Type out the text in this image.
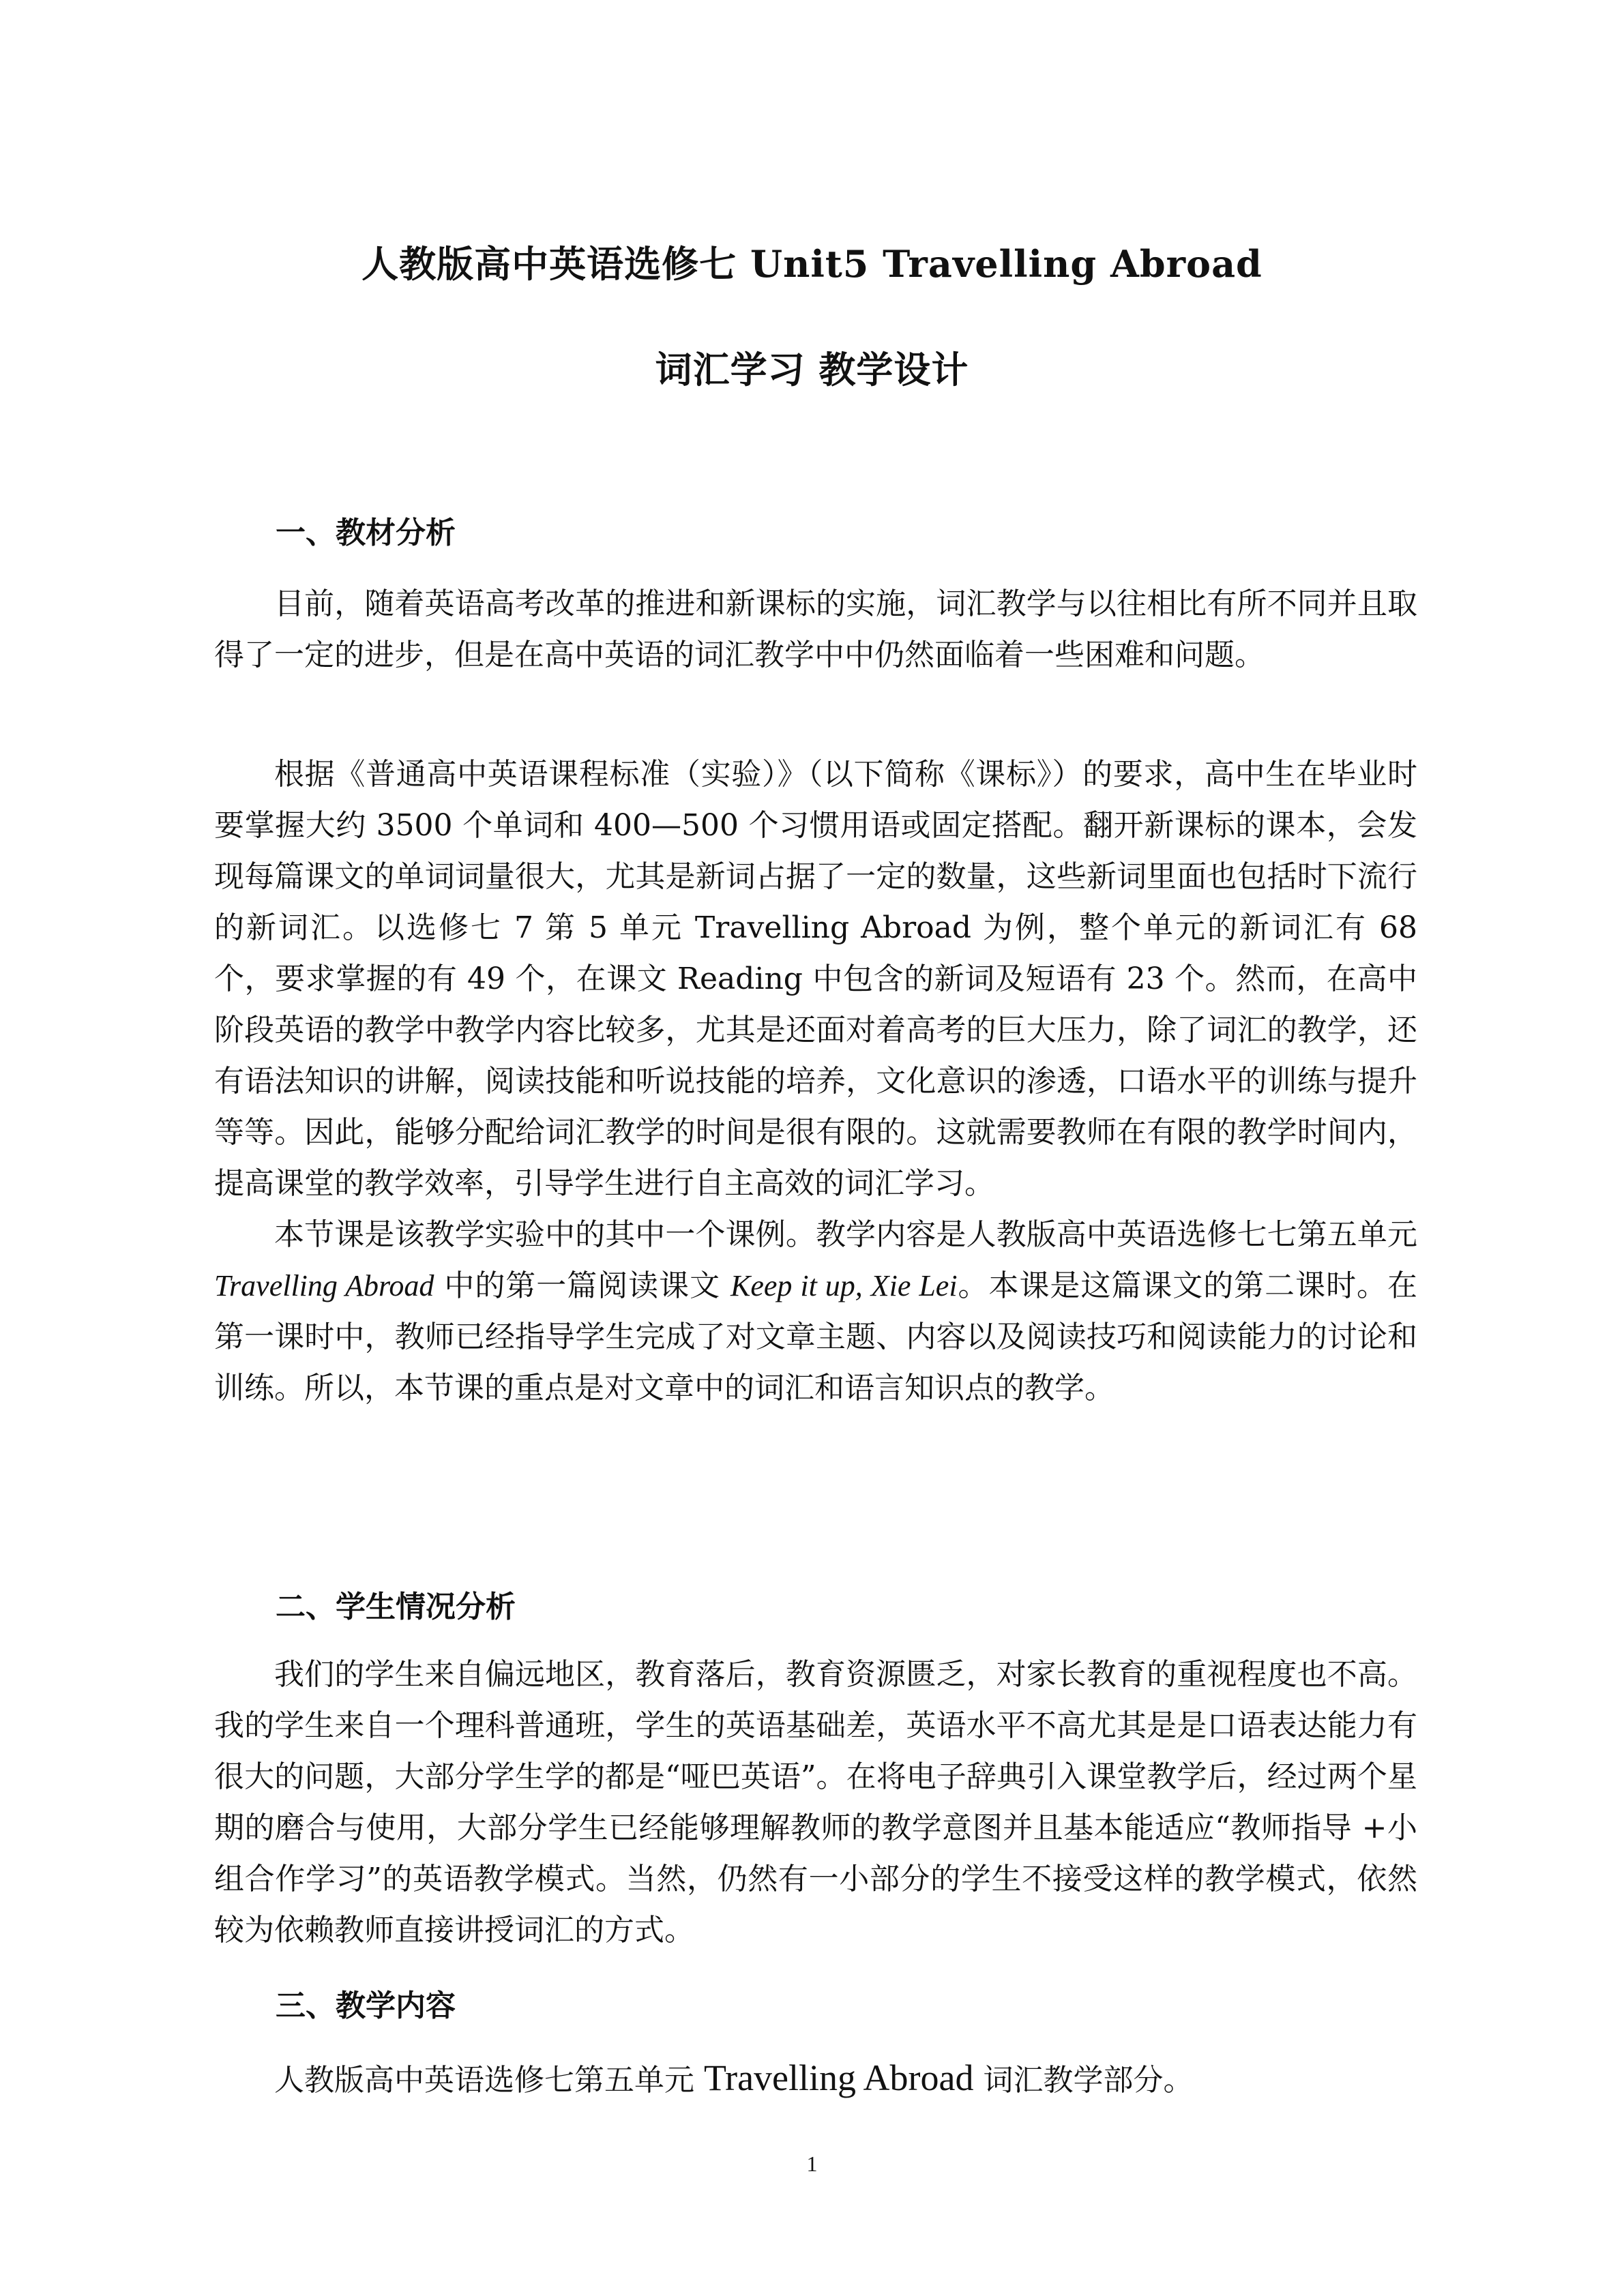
人教版高中英语选修七 Unit5 Travelling Abroad
词汇学习 教学设计
一、教材分析

目前，随着英语高考改革的推进和新课标的实施，词汇教学与以往相比有所不同并且取得了一定的进步，但是在高中英语的词汇教学中中仍然面临着一些困难和问题。

根据《普通高中英语课程标准（实验）》（以下简称《课标》）的要求，高中生在毕业时要掌握大约 3500 个单词和 400—500 个习惯用语或固定搭配。翻开新课标的课本，会发现每篇课文的单词词量很大，尤其是新词占据了一定的数量，这些新词里面也包括时下流行的新词汇。以选修七 7 第 5 单元 Travelling Abroad 为例，整个单元的新词汇有 68 个，要求掌握的有 49 个，在课文 Reading 中包含的新词及短语有 23 个。然而，在高中阶段英语的教学中教学内容比较多，尤其是还面对着高考的巨大压力，除了词汇的教学，还有语法知识的讲解，阅读技能和听说技能的培养，文化意识的渗透，口语水平的训练与提升等等。因此，能够分配给词汇教学的时间是很有限的。这就需要教师在有限的教学时间内，提高课堂的教学效率，引导学生进行自主高效的词汇学习。

本节课是该教学实验中的其中一个课例。教学内容是人教版高中英语选修七七第五单元 Travelling Abroad 中的第一篇阅读课文 Keep it up, Xie Lei。本课是这篇课文的第二课时。在第一课时中，教师已经指导学生完成了对文章主题、内容以及阅读技巧和阅读能力的讨论和训练。所以，本节课的重点是对文章中的词汇和语言知识点的教学。

二、学生情况分析

我们的学生来自偏远地区，教育落后，教育资源匮乏，对家长教育的重视程度也不高。我的学生来自一个理科普通班，学生的英语基础差，英语水平不高尤其是是口语表达能力有很大的问题，大部分学生学的都是“哑巴英语”。在将电子辞典引入课堂教学后，经过两个星期的磨合与使用，大部分学生已经能够理解教师的教学意图并且基本能适应“教师指导 +小组合作学习”的英语教学模式。当然，仍然有一小部分的学生不接受这样的教学模式，依然较为依赖教师直接讲授词汇的方式。

三、教学内容

人教版高中英语选修七第五单元 Travelling Abroad 词汇教学部分。

1
